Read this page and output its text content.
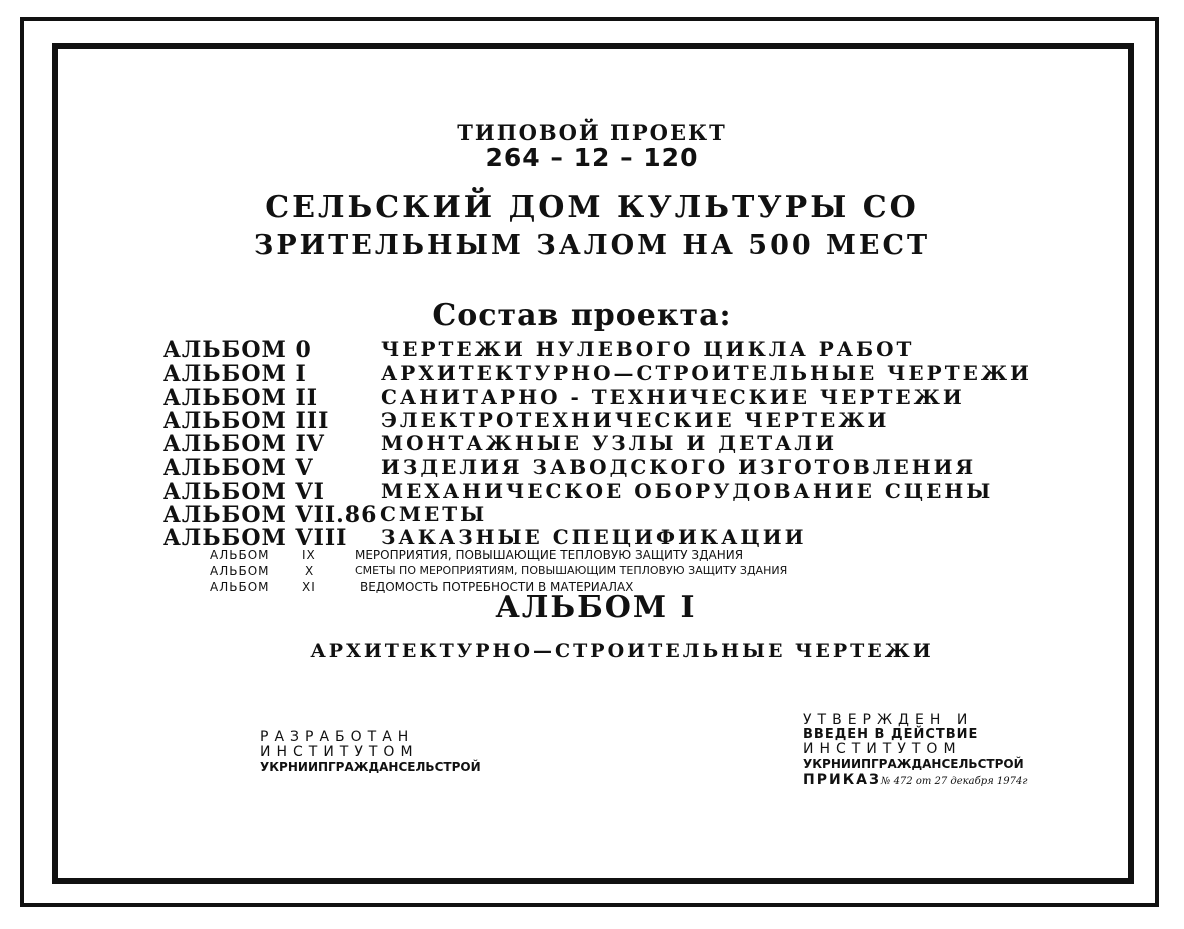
ТИПОВОЙ ПРОЕКТ
264 – 12 – 120
СЕЛЬСКИЙ ДОМ КУЛЬТУРЫ СО
ЗРИТЕЛЬНЫМ ЗАЛОМ НА 500 МЕСТ
Состав проекта:
АЛЬБОМ 0	ЧЕРТЕЖИ НУЛЕВОГО ЦИКЛА РАБОТ
АЛЬБОМ I	АРХИТЕКТУРНО—СТРОИТЕЛЬНЫЕ ЧЕРТЕЖИ
АЛЬБОМ II	САНИТАРНО - ТЕХНИЧЕСКИЕ ЧЕРТЕЖИ
АЛЬБОМ III	ЭЛЕКТРОТЕХНИЧЕСКИЕ ЧЕРТЕЖИ
АЛЬБОМ IV	МОНТАЖНЫЕ УЗЛЫ И ДЕТАЛИ
АЛЬБОМ V	ИЗДЕЛИЯ ЗАВОДСКОГО ИЗГОТОВЛЕНИЯ
АЛЬБОМ VI	МЕХАНИЧЕСКОЕ ОБОРУДОВАНИЕ СЦЕНЫ
АЛЬБОМ VII.86 СМЕТЫ
АЛЬБОМ VIII ЗАКАЗНЫЕ СПЕЦИФИКАЦИИ
АЛЬБОМ	IX	МЕРОПРИЯТИЯ, ПОВЫШАЮЩИЕ ТЕПЛОВУЮ ЗАЩИТУ ЗДАНИЯ
АЛЬБОМ	X	СМЕТЫ ПО МЕРОПРИЯТИЯМ, ПОВЫШАЮЩИМ ТЕПЛОВУЮ ЗАЩИТУ ЗДАНИЯ
АЛЬБОМ	XI	ВЕДОМОСТЬ ПОТРЕБНОСТИ В МАТЕРИАЛАХ
АЛЬБОМ I
АРХИТЕКТУРНО—СТРОИТЕЛЬНЫЕ ЧЕРТЕЖИ
РАЗРАБОТАН
ИНСТИТУТОМ
УКРНИИПГРАЖДАНСЕЛЬСТРОЙ
УТВЕРЖДЕН И
ВВЕДЕН В ДЕЙСТВИЕ
ИНСТИТУТОМ
УКРНИИПГРАЖДАНСЕЛЬСТРОЙ
ПРИКАЗ№ 472 от 27 декабря 1974г
